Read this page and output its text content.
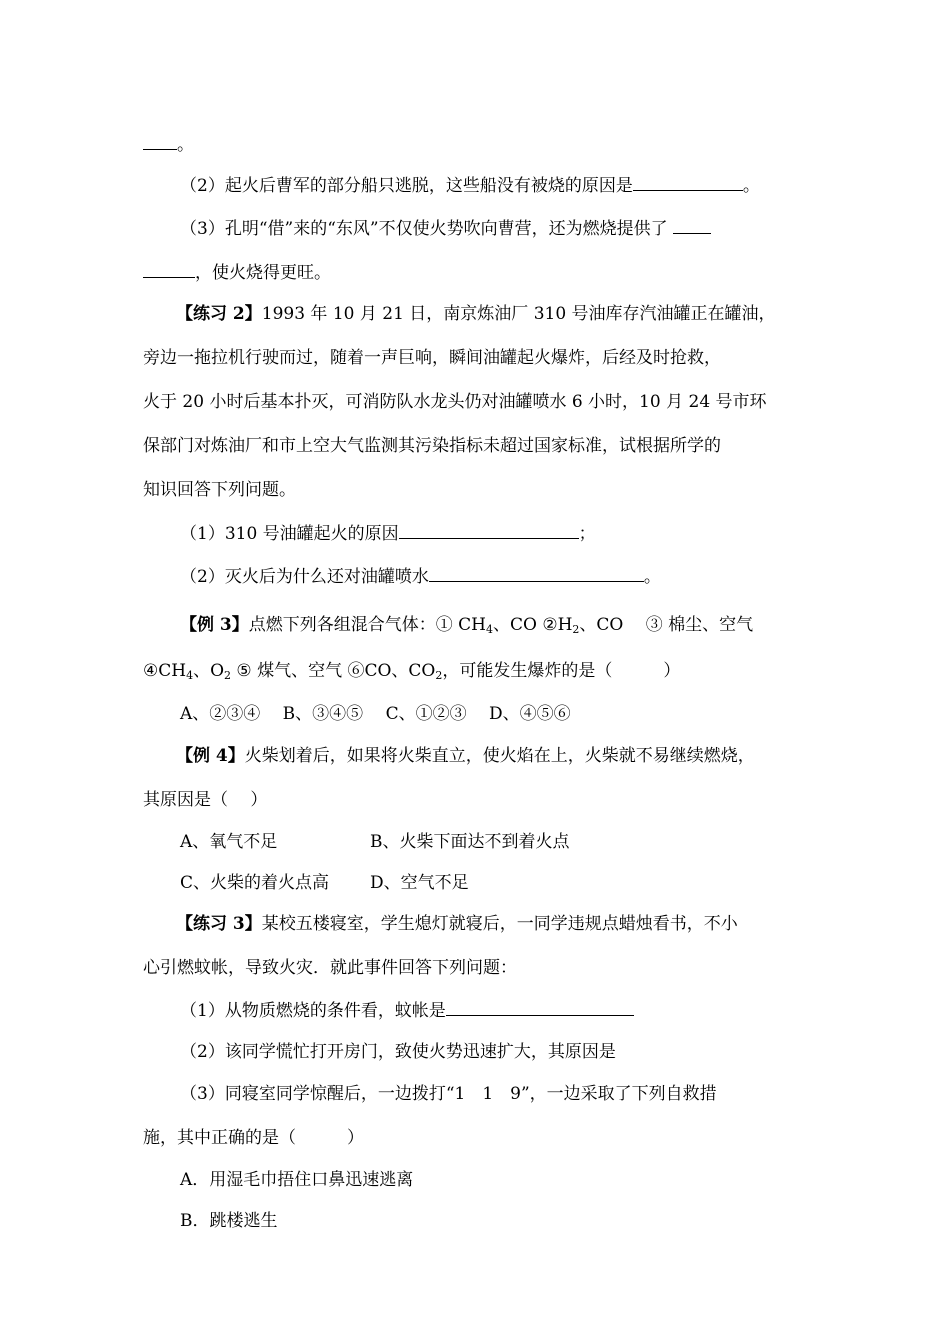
。
（2）起火后曹军的部分船只逃脱，这些船没有被烧的原因是	。
（3）孔明“借”来的“东风”不仅使火势吹向曹营，还为燃烧提供了
，使火烧得更旺。
【练习 2】1993 年 10 月 21 日，南京炼油厂 310 号油库存汽油罐正在罐油，
旁边一拖拉机行驶而过，随着一声巨响，瞬间油罐起火爆炸，后经及时抢救，
火于 20 小时后基本扑灭，可消防队水龙头仍对油罐喷水 6 小时，10 月 24 号市环
保部门对炼油厂和市上空大气监测其污染指标未超过国家标准，试根据所学的
知识回答下列问题。
（1）310 号油罐起火的原因	；
（2）灭火后为什么还对油罐喷水	。
【例 3】点燃下列各组混合气体：① $CH_4$、CO $②H_2$、CO　 ③ 棉尘、空气
$④CH_4$、$O_2$ ⑤ 煤气、空气 ⑥CO、$CO_2$，可能发生爆炸的是（　　　）
A、②③④　 B、③④⑤　 C、①②③　 D、④⑤⑥
【例 4】火柴划着后，如果将火柴直立，使火焰在上，火柴就不易继续燃烧，
其原因是（　 ）
A、氧气不足	B、火柴下面达不到着火点
C、火柴的着火点高 D、空气不足
【练习 3】某校五楼寝室，学生熄灯就寝后，一同学违规点蜡烛看书，不小
心引燃蚊帐，导致火灾．就此事件回答下列问题：
（1）从物质燃烧的条件看，蚊帐是
（2）该同学慌忙打开房门，致使火势迅速扩大，其原因是
（3）同寝室同学惊醒后，一边拨打“1　1　9”，一边采取了下列自救措
施，其中正确的是（　　　）
A．用湿毛巾捂住口鼻迅速逃离
B．跳楼逃生
